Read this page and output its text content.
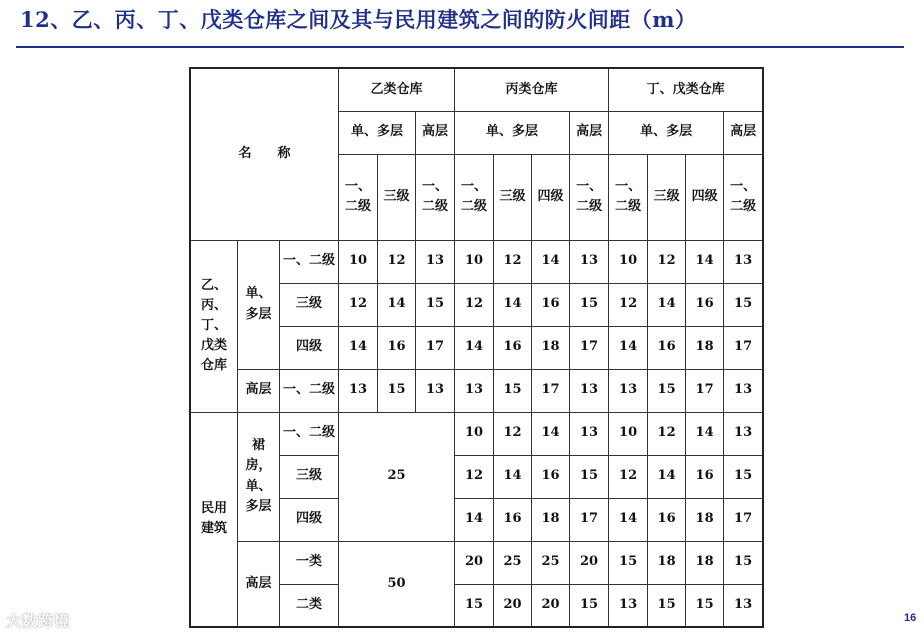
12、乙、丙、丁、戊类仓库之间及其与民用建筑之间的防火间距（m）
名　　称			乙类仓库			丙类仓库				丁、戊类仓库			
			单、多层		高层	单、多层			高层	单、多层			高层
			一、二级	三级	一、二级	一、二级	三级	四级	一、二级	一、二级	三级	四级	一、二级
乙、丙、丁、戊类仓库	单、多层	一、二级	10	12	13	10	12	14	13	10	12	14	13
		三级	12	14	15	12	14	16	15	12	14	16	15
		四级	14	16	17	14	16	18	17	14	16	18	17
	高层	一、二级	13	15	13	13	15	17	13	13	15	17	13
民用建筑	裙房，单、多层	一、二级	25			10	12	14	13	10	12	14	13
		三级				12	14	16	15	12	14	16	15
		四级				14	16	18	17	14	16	18	17
	高层	一类	50			20	25	25	20	15	18	18	15
		二类				15	20	20	15	13	15	15	13
大数跨境	16
